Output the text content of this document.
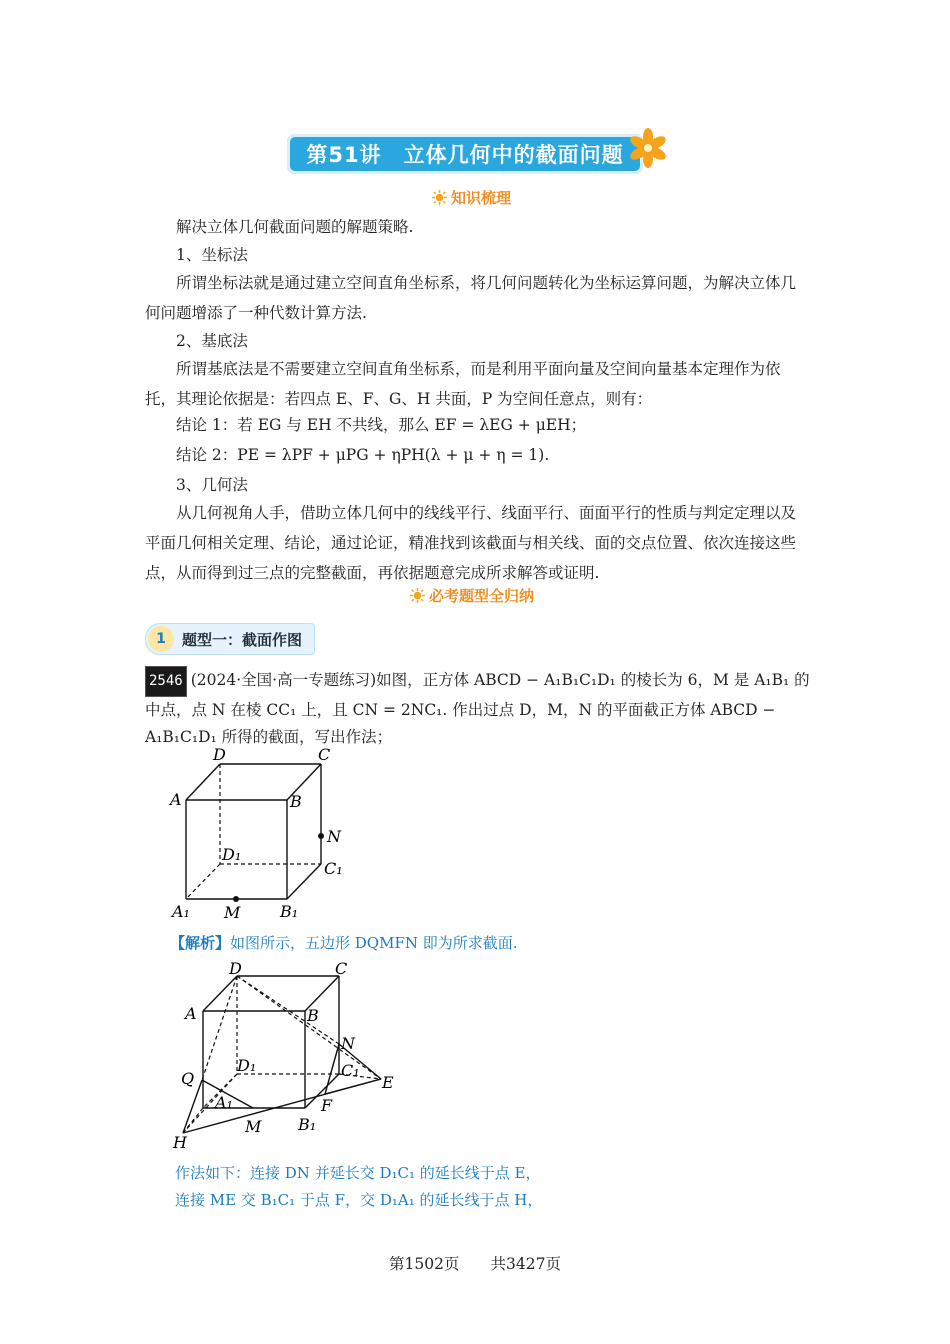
第51讲　立体几何中的截面问题
知识梳理
解决立体几何截面问题的解题策略.
1、坐标法
所谓坐标法就是通过建立空间直角坐标系，将几何问题转化为坐标运算问题，为解决立体几何问题增添了一种代数计算方法.
2、基底法
所谓基底法是不需要建立空间直角坐标系，而是利用平面向量及空间向量基本定理作为依托，其理论依据是：若四点 E、F、G、H 共面，P 为空间任意点，则有：
结论 1：若 EG 与 EH 不共线，那么 EF = λEG + μEH；
结论 2：PE = λPF + μPG + ηPH(λ + μ + η = 1).
3、几何法
从几何视角人手，借助立体几何中的线线平行、线面平行、面面平行的性质与判定定理以及平面几何相关定理、结论，通过论证，精准找到该截面与相关线、面的交点位置、依次连接这些点，从而得到过三点的完整截面，再依据题意完成所求解答或证明.
必考题型全归纳
1	题型一：截面作图
2546 (2024·全国·高一专题练习)如图，正方体 ABCD − A₁B₁C₁D₁ 的棱长为 6，M 是 A₁B₁ 的中点，点 N 在棱 CC₁ 上，且 CN = 2NC₁. 作出过点 D，M，N 的平面截正方体 ABCD − A₁B₁C₁D₁ 所得的截面，写出作法；
D	C
A	B
N
D₁
C₁
A₁ M B₁
【解析】如图所示，五边形 DQMFN 即为所求截面.
D	C
A	B
N
Q
D₁	C₁
E
A₁	F
H
M B₁
作法如下：连接 DN 并延长交 D₁C₁ 的延长线于点 E，
连接 ME 交 B₁C₁ 于点 F，交 D₁A₁ 的延长线于点 H，
第1502页　　共3427页
